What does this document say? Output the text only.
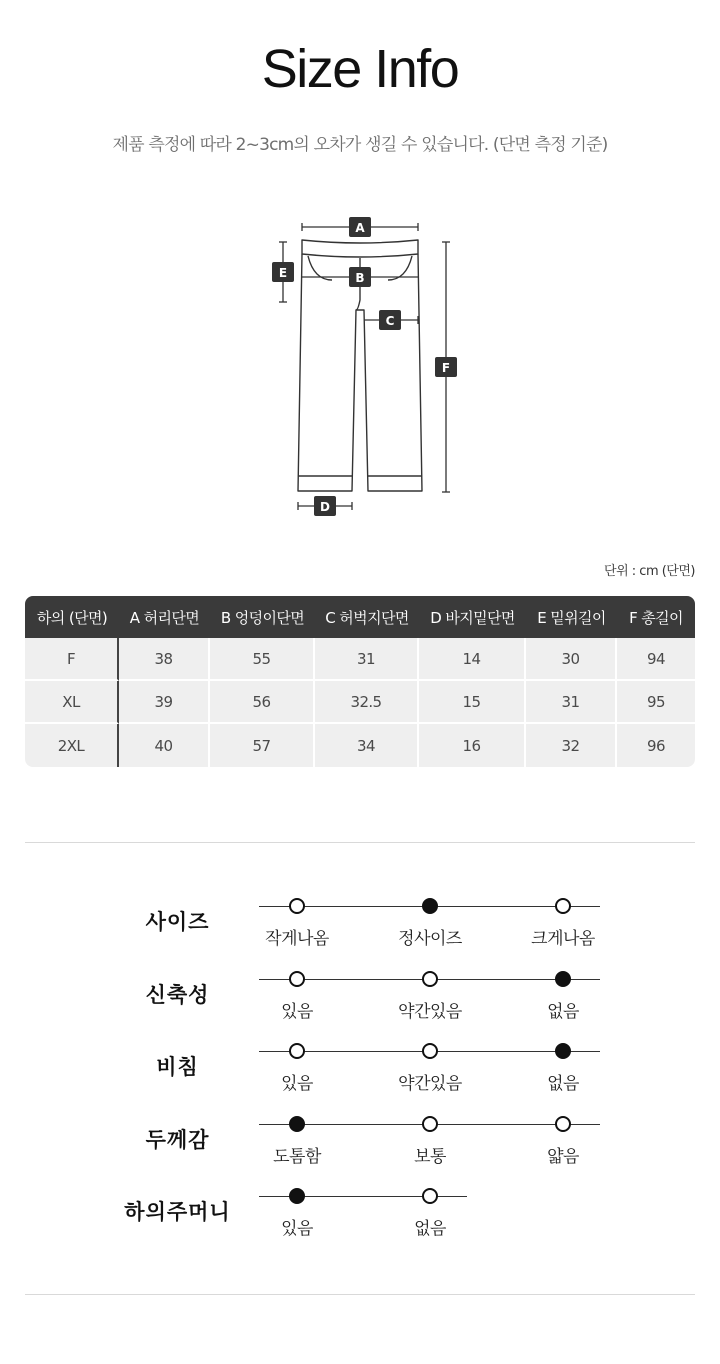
Size Info
제품 측정에 따라 2~3cm의 오차가 생길 수 있습니다. (단면 측정 기준)
A
B
C
D
E
F
단위 : cm (단면)
하의 (단면)	A 허리단면	B 엉덩이단면	C 허벅지단면	D 바지밑단면	E 밑위길이	F 총길이
F	38	55	31	14	30	94
XL	39	56	32.5	15	31	95
2XL	40	57	34	16	32	96
사이즈
작게나옴	정사이즈	크게나옴
신축성
있음	약간있음	없음
비침
있음	약간있음	없음
두께감
도톰함	보통	얇음
하의주머니
있음	없음
